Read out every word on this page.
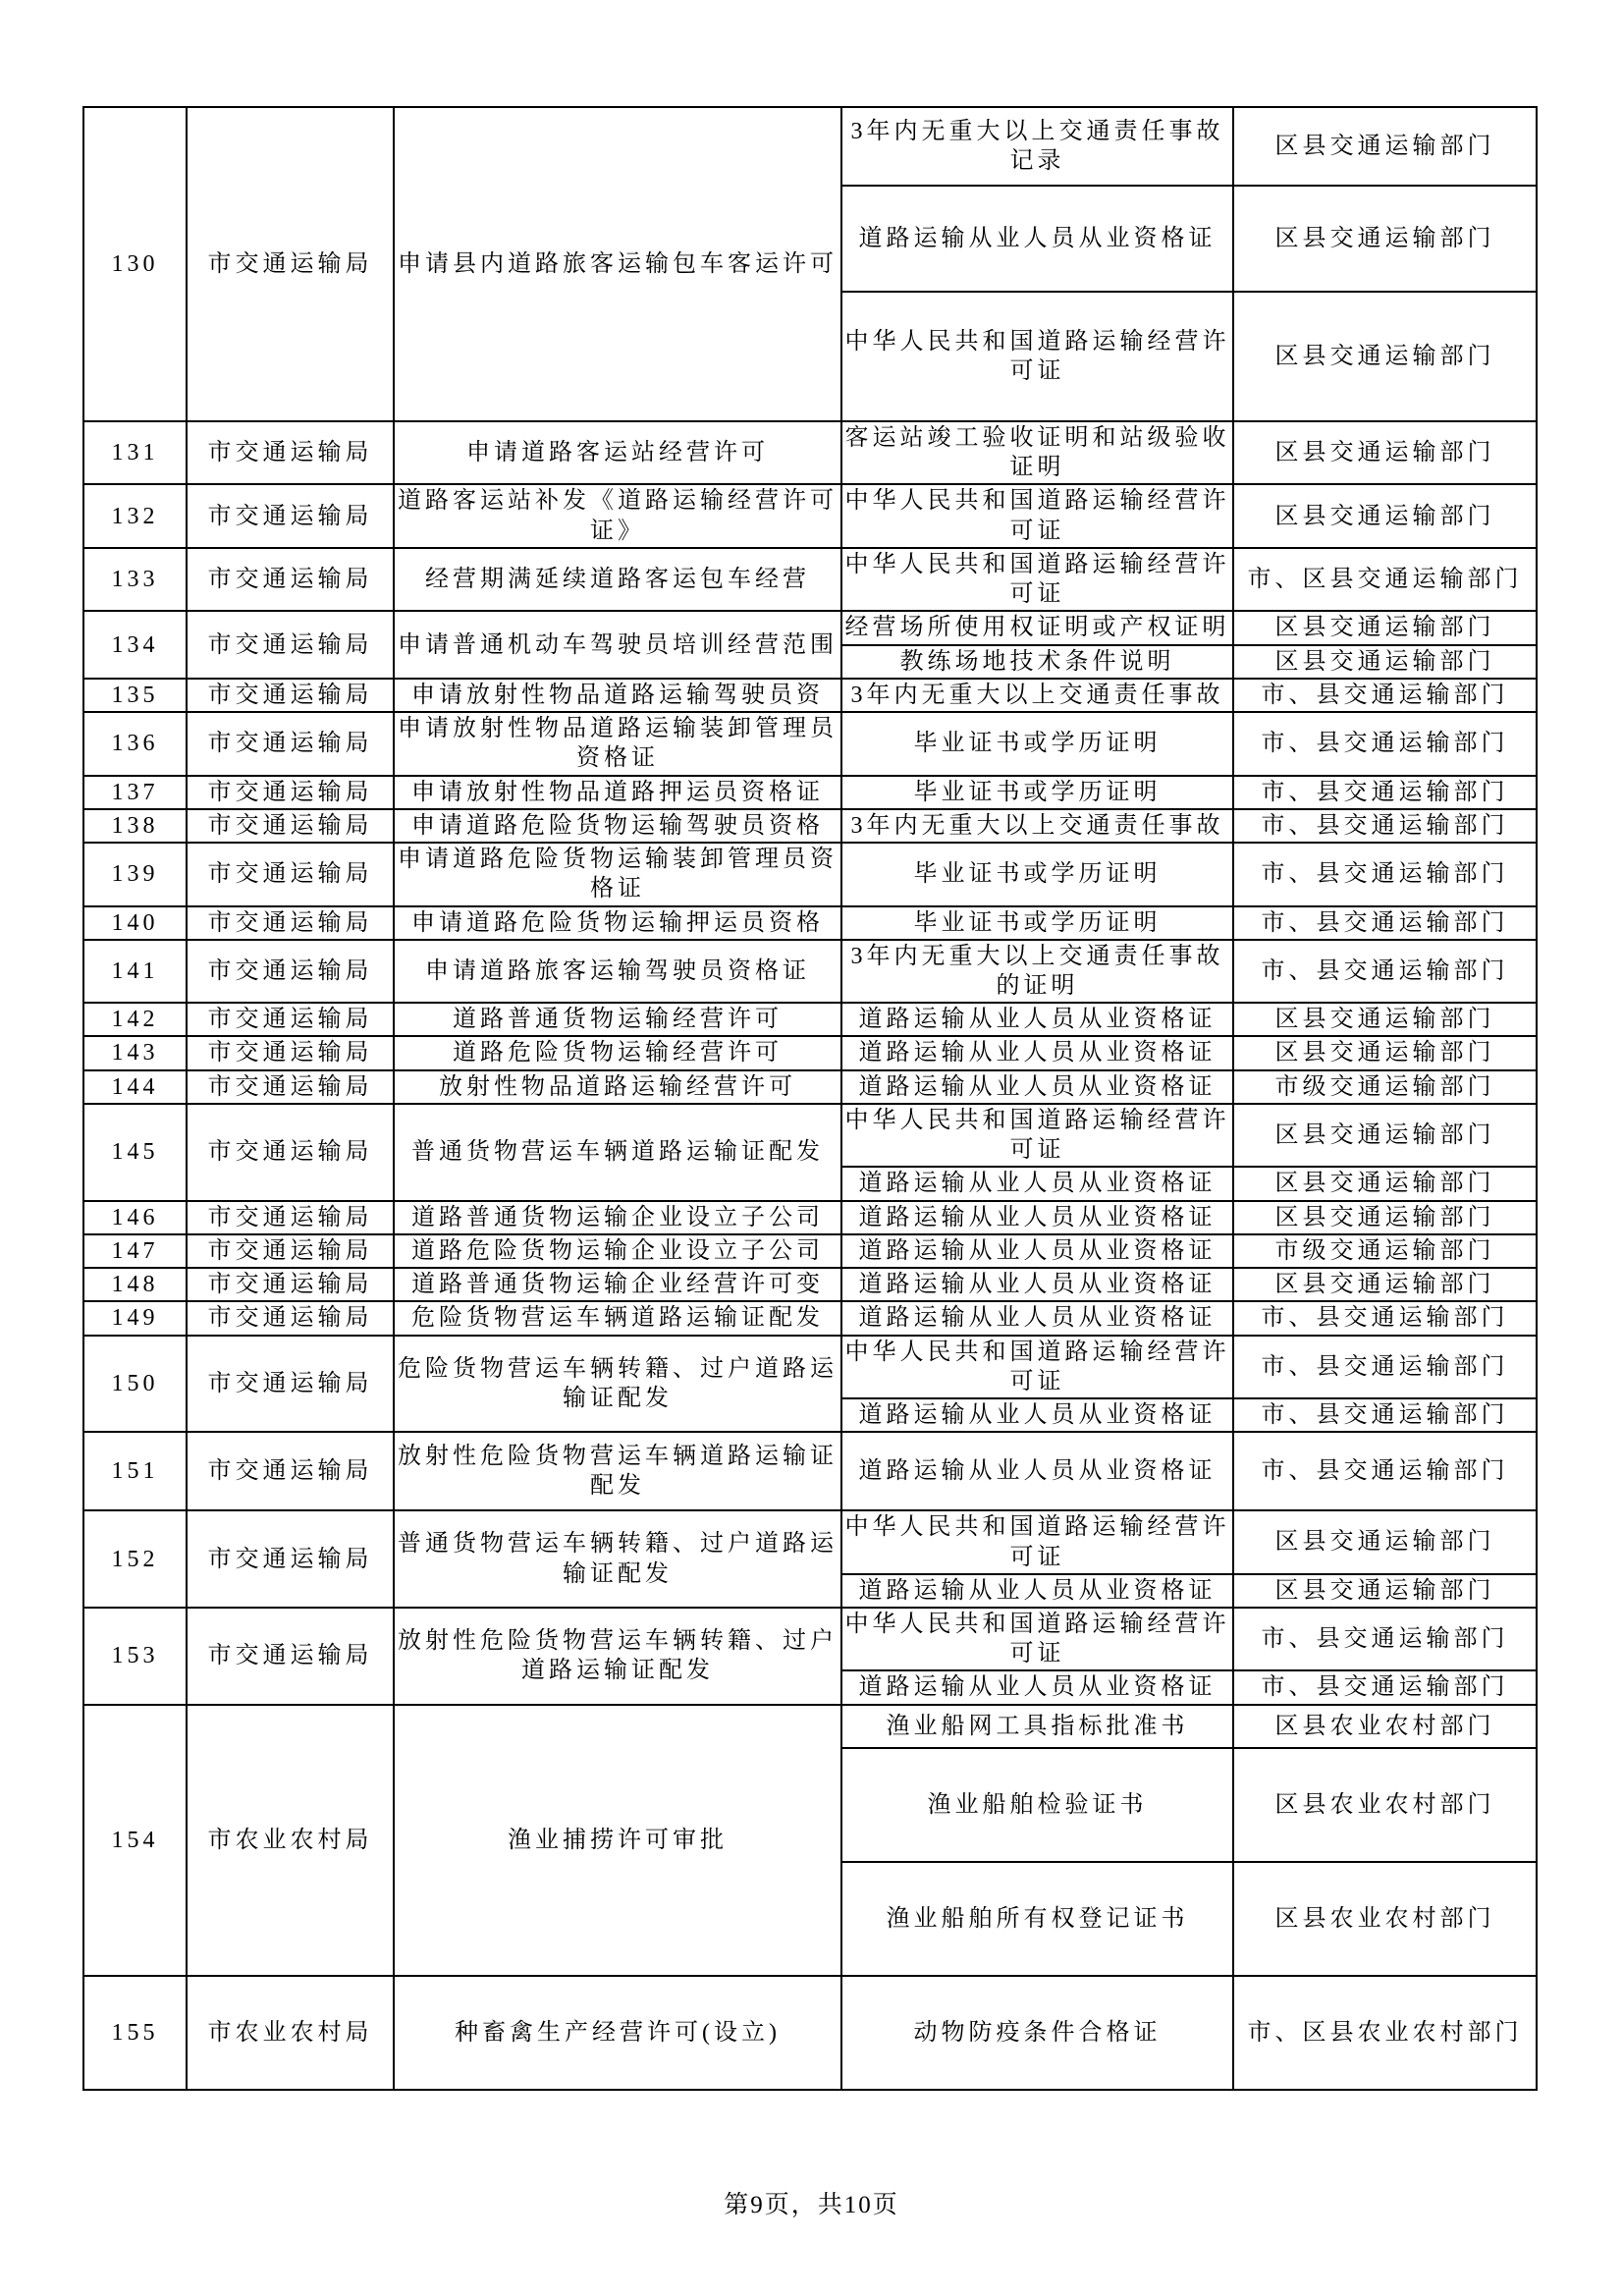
130	市交通运输局	申请县内道路旅客运输包车客运许可	3年内无重大以上交通责任事故记录	区县交通运输部门
			道路运输从业人员从业资格证	区县交通运输部门
			中华人民共和国道路运输经营许可证	区县交通运输部门
131	市交通运输局	申请道路客运站经营许可	客运站竣工验收证明和站级验收证明	区县交通运输部门
132	市交通运输局	道路客运站补发《道路运输经营许可证》	中华人民共和国道路运输经营许可证	区县交通运输部门
133	市交通运输局	经营期满延续道路客运包车经营	中华人民共和国道路运输经营许可证	市、区县交通运输部门
134	市交通运输局	申请普通机动车驾驶员培训经营范围	经营场所使用权证明或产权证明	区县交通运输部门
			教练场地技术条件说明	区县交通运输部门
135	市交通运输局	申请放射性物品道路运输驾驶员资	3年内无重大以上交通责任事故	市、县交通运输部门
136	市交通运输局	申请放射性物品道路运输装卸管理员资格证	毕业证书或学历证明	市、县交通运输部门
137	市交通运输局	申请放射性物品道路押运员资格证	毕业证书或学历证明	市、县交通运输部门
138	市交通运输局	申请道路危险货物运输驾驶员资格	3年内无重大以上交通责任事故	市、县交通运输部门
139	市交通运输局	申请道路危险货物运输装卸管理员资格证	毕业证书或学历证明	市、县交通运输部门
140	市交通运输局	申请道路危险货物运输押运员资格	毕业证书或学历证明	市、县交通运输部门
141	市交通运输局	申请道路旅客运输驾驶员资格证	3年内无重大以上交通责任事故的证明	市、县交通运输部门
142	市交通运输局	道路普通货物运输经营许可	道路运输从业人员从业资格证	区县交通运输部门
143	市交通运输局	道路危险货物运输经营许可	道路运输从业人员从业资格证	区县交通运输部门
144	市交通运输局	放射性物品道路运输经营许可	道路运输从业人员从业资格证	市级交通运输部门
145	市交通运输局	普通货物营运车辆道路运输证配发	中华人民共和国道路运输经营许可证	区县交通运输部门
			道路运输从业人员从业资格证	区县交通运输部门
146	市交通运输局	道路普通货物运输企业设立子公司	道路运输从业人员从业资格证	区县交通运输部门
147	市交通运输局	道路危险货物运输企业设立子公司	道路运输从业人员从业资格证	市级交通运输部门
148	市交通运输局	道路普通货物运输企业经营许可变	道路运输从业人员从业资格证	区县交通运输部门
149	市交通运输局	危险货物营运车辆道路运输证配发	道路运输从业人员从业资格证	市、县交通运输部门
150	市交通运输局	危险货物营运车辆转籍、过户道路运输证配发	中华人民共和国道路运输经营许可证	市、县交通运输部门
			道路运输从业人员从业资格证	市、县交通运输部门
151	市交通运输局	放射性危险货物营运车辆道路运输证配发	道路运输从业人员从业资格证	市、县交通运输部门
152	市交通运输局	普通货物营运车辆转籍、过户道路运输证配发	中华人民共和国道路运输经营许可证	区县交通运输部门
			道路运输从业人员从业资格证	区县交通运输部门
153	市交通运输局	放射性危险货物营运车辆转籍、过户道路运输证配发	中华人民共和国道路运输经营许可证	市、县交通运输部门
			道路运输从业人员从业资格证	市、县交通运输部门
154	市农业农村局	渔业捕捞许可审批	渔业船网工具指标批准书	区县农业农村部门
			渔业船舶检验证书	区县农业农村部门
			渔业船舶所有权登记证书	区县农业农村部门
155	市农业农村局	种畜禽生产经营许可(设立)	动物防疫条件合格证	市、区县农业农村部门
第9页，共10页
